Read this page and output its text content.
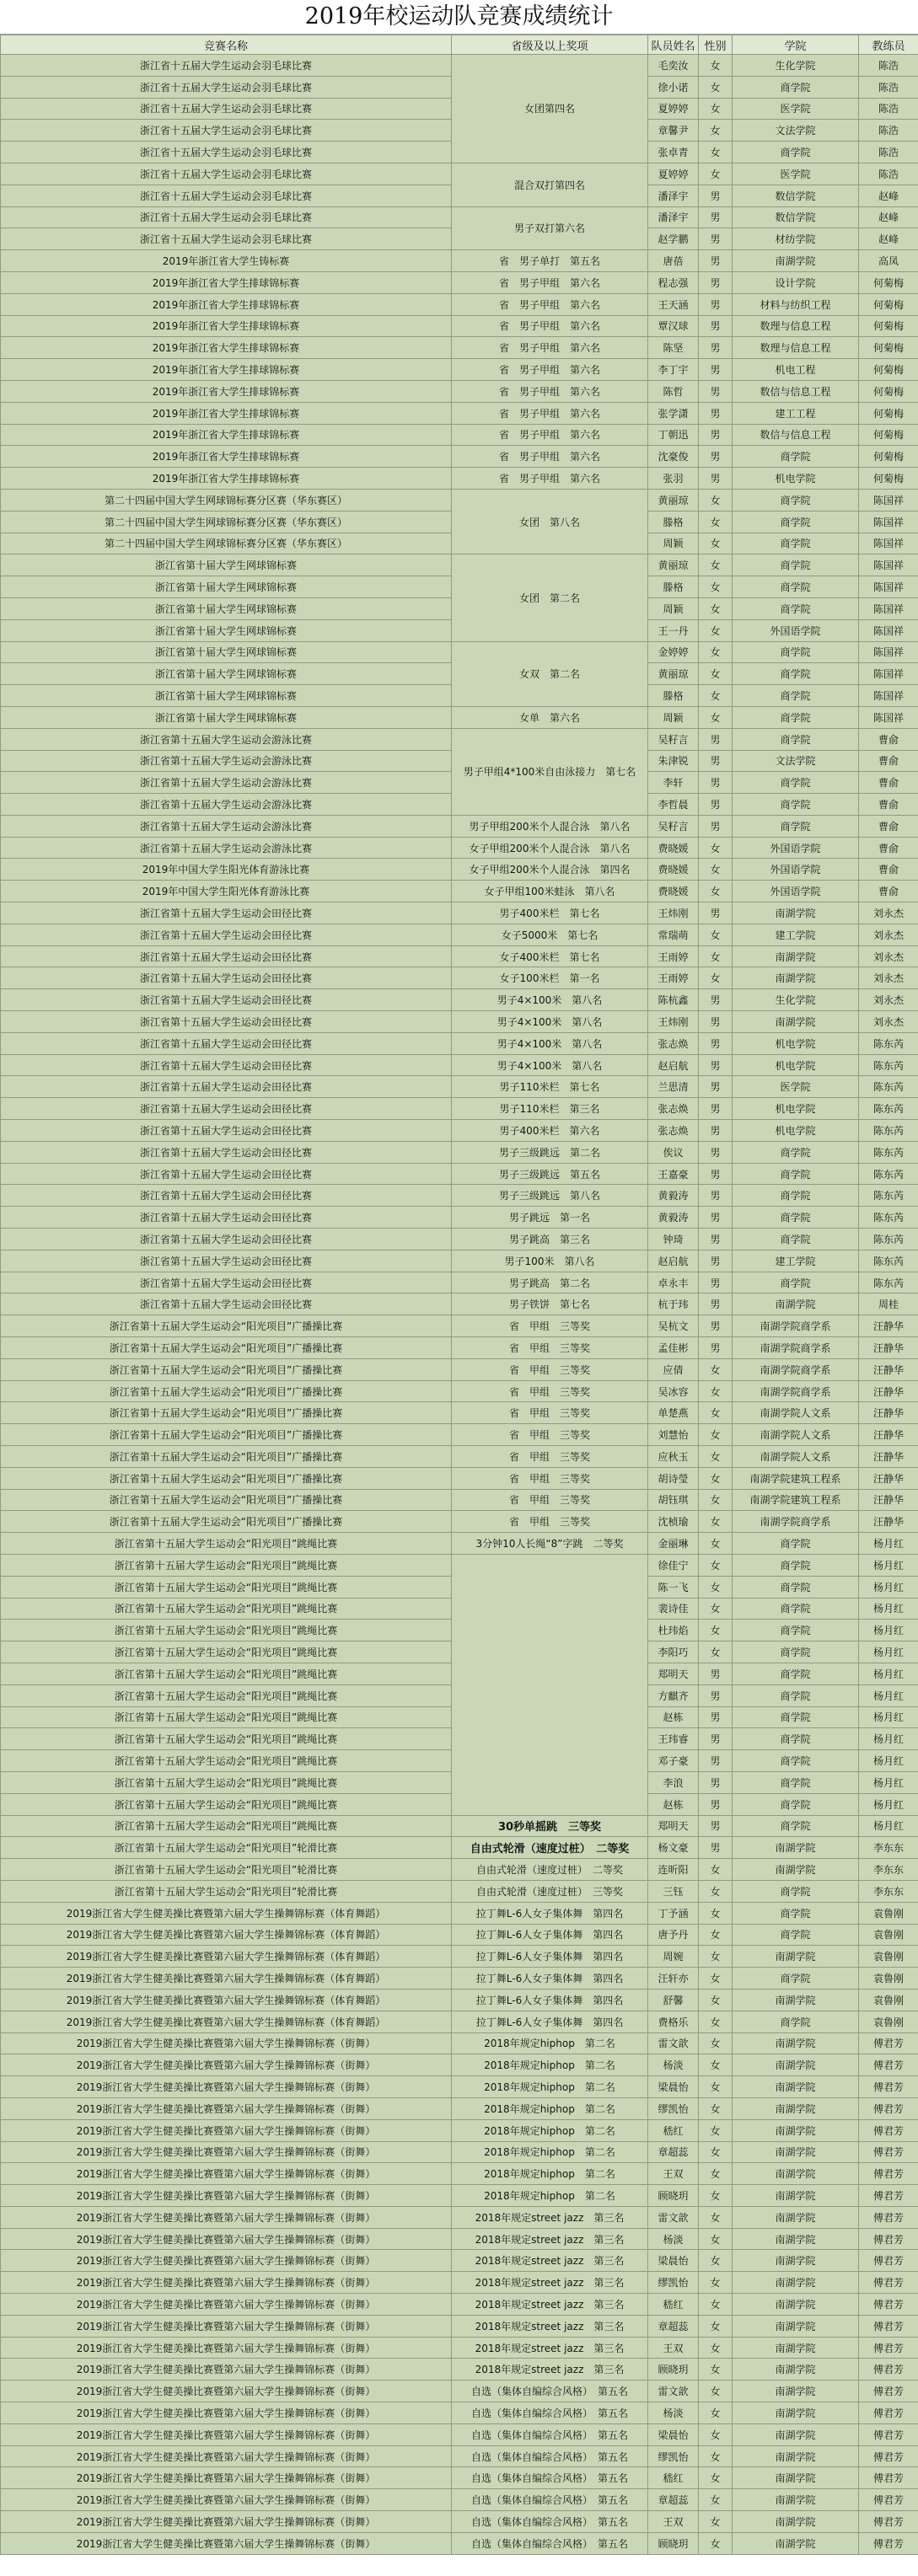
2019年校运动队竞赛成绩统计
竞赛名称	省级及以上奖项	队员姓名	性别	学院	教练员
浙江省十五届大学生运动会羽毛球比赛	女团第四名	毛奕汝	女	生化学院	陈浩
浙江省十五届大学生运动会羽毛球比赛		徐小诺	女	商学院	陈浩
浙江省十五届大学生运动会羽毛球比赛		夏婷婷	女	医学院	陈浩
浙江省十五届大学生运动会羽毛球比赛		章馨尹	女	文法学院	陈浩
浙江省十五届大学生运动会羽毛球比赛		张卓青	女	商学院	陈浩
浙江省十五届大学生运动会羽毛球比赛	混合双打第四名	夏婷婷	女	医学院	陈浩
浙江省十五届大学生运动会羽毛球比赛		潘泽宇	男	数信学院	赵峰
浙江省十五届大学生运动会羽毛球比赛	男子双打第六名	潘泽宇	男	数信学院	赵峰
浙江省十五届大学生运动会羽毛球比赛		赵学鹏	男	材纺学院	赵峰
2019年浙江省大学生铸标赛	省　男子单打　第五名	唐蓓	男	南湖学院	高凤
2019年浙江省大学生排球锦标赛	省　男子甲组　第六名	程志强	男	设计学院	何菊梅
2019年浙江省大学生排球锦标赛	省　男子甲组　第六名	王天涵	男	材料与纺织工程	何菊梅
2019年浙江省大学生排球锦标赛	省　男子甲组　第六名	覃汉球	男	数理与信息工程	何菊梅
2019年浙江省大学生排球锦标赛	省　男子甲组　第六名	陈坚	男	数理与信息工程	何菊梅
2019年浙江省大学生排球锦标赛	省　男子甲组　第六名	李丁宇	男	机电工程	何菊梅
2019年浙江省大学生排球锦标赛	省　男子甲组　第六名	陈哲	男	数信与信息工程	何菊梅
2019年浙江省大学生排球锦标赛	省　男子甲组　第六名	张学潇	男	建工工程	何菊梅
2019年浙江省大学生排球锦标赛	省　男子甲组　第六名	丁朝迅	男	数信与信息工程	何菊梅
2019年浙江省大学生排球锦标赛	省　男子甲组　第六名	沈豪俊	男	商学院	何菊梅
2019年浙江省大学生排球锦标赛	省　男子甲组　第六名	张羽	男	机电学院	何菊梅
第二十四届中国大学生网球锦标赛分区赛（华东赛区）	女团　第八名	黄丽琼	女	商学院	陈国祥
第二十四届中国大学生网球锦标赛分区赛（华东赛区）		滕格	女	商学院	陈国祥
第二十四届中国大学生网球锦标赛分区赛（华东赛区）		周颖	女	商学院	陈国祥
浙江省第十届大学生网球锦标赛	女团　第二名	黄丽琼	女	商学院	陈国祥
浙江省第十届大学生网球锦标赛		滕格	女	商学院	陈国祥
浙江省第十届大学生网球锦标赛		周颖	女	商学院	陈国祥
浙江省第十届大学生网球锦标赛		王一丹	女	外国语学院	陈国祥
浙江省第十届大学生网球锦标赛	女双　第二名	金婷婷	女	商学院	陈国祥
浙江省第十届大学生网球锦标赛		黄丽琼	女	商学院	陈国祥
浙江省第十届大学生网球锦标赛		滕格	女	商学院	陈国祥
浙江省第十届大学生网球锦标赛	女单　第六名	周颖	女	商学院	陈国祥
浙江省第十五届大学生运动会游泳比赛	男子甲组4*100米自由泳接力　第七名	吴籽言	男	商学院	曹俞
浙江省第十五届大学生运动会游泳比赛		朱津锐	男	文法学院	曹俞
浙江省第十五届大学生运动会游泳比赛		李轩	男	商学院	曹俞
浙江省第十五届大学生运动会游泳比赛		李哲晨	男	商学院	曹俞
浙江省第十五届大学生运动会游泳比赛	男子甲组200米个人混合泳　第八名	吴籽言	男	商学院	曹俞
浙江省第十五届大学生运动会游泳比赛	女子甲组200米个人混合泳　第八名	费晓媛	女	外国语学院	曹俞
2019年中国大学生阳光体育游泳比赛	女子甲组200米个人混合泳　第四名	费晓媛	女	外国语学院	曹俞
2019年中国大学生阳光体育游泳比赛	女子甲组100米蛙泳　第八名	费晓媛	女	外国语学院	曹俞
浙江省第十五届大学生运动会田径比赛	男子400米栏　第七名	王炜刚	男	南湖学院	刘永杰
浙江省第十五届大学生运动会田径比赛	女子5000米　第七名	常瑞萌	女	建工学院	刘永杰
浙江省第十五届大学生运动会田径比赛	女子400米栏　第七名	王雨婷	女	南湖学院	刘永杰
浙江省第十五届大学生运动会田径比赛	女子100米栏　第一名	王雨婷	女	南湖学院	刘永杰
浙江省第十五届大学生运动会田径比赛	男子4×100米　第八名	陈杭鑫	男	生化学院	刘永杰
浙江省第十五届大学生运动会田径比赛	男子4×100米　第八名	王炜刚	男	南湖学院	刘永杰
浙江省第十五届大学生运动会田径比赛	男子4×100米　第八名	张志焕	男	机电学院	陈东芮
浙江省第十五届大学生运动会田径比赛	男子4×100米　第八名	赵启航	男	机电学院	陈东芮
浙江省第十五届大学生运动会田径比赛	男子110米栏　第七名	兰思清	男	医学院	陈东芮
浙江省第十五届大学生运动会田径比赛	男子110米栏　第三名	张志焕	男	机电学院	陈东芮
浙江省第十五届大学生运动会田径比赛	男子400米栏　第六名	张志焕	男	机电学院	陈东芮
浙江省第十五届大学生运动会田径比赛	男子三级跳远　第二名	俟议	男	商学院	陈东芮
浙江省第十五届大学生运动会田径比赛	男子三级跳远　第五名	王嘉豪	男	商学院	陈东芮
浙江省第十五届大学生运动会田径比赛	男子三级跳远　第八名	黄毅涛	男	商学院	陈东芮
浙江省第十五届大学生运动会田径比赛	男子跳远　第一名	黄毅涛	男	商学院	陈东芮
浙江省第十五届大学生运动会田径比赛	男子跳高　第三名	钟琦	男	商学院	陈东芮
浙江省第十五届大学生运动会田径比赛	男子100米　第八名	赵启航	男	建工学院	陈东芮
浙江省第十五届大学生运动会田径比赛	男子跳高　第二名	卓永丰	男	商学院	陈东芮
浙江省第十五届大学生运动会田径比赛	男子铁饼　第七名	杭于玮	男	南湖学院	周桂
浙江省第十五届大学生运动会“阳光项目”广播操比赛	省　甲组　三等奖	吴杭文	男	南湖学院商学系	汪静华
浙江省第十五届大学生运动会“阳光项目”广播操比赛	省　甲组　三等奖	孟佳彬	男	南湖学院商学系	汪静华
浙江省第十五届大学生运动会“阳光项目”广播操比赛	省　甲组　三等奖	应倩	女	南湖学院商学系	汪静华
浙江省第十五届大学生运动会“阳光项目”广播操比赛	省　甲组　三等奖	吴冰容	女	南湖学院商学系	汪静华
浙江省第十五届大学生运动会“阳光项目”广播操比赛	省　甲组　三等奖	单楚燕	女	南湖学院人文系	汪静华
浙江省第十五届大学生运动会“阳光项目”广播操比赛	省　甲组　三等奖	刘慧怡	女	南湖学院人文系	汪静华
浙江省第十五届大学生运动会“阳光项目”广播操比赛	省　甲组　三等奖	应秋玉	女	南湖学院人文系	汪静华
浙江省第十五届大学生运动会“阳光项目”广播操比赛	省　甲组　三等奖	胡诗瑩	女	南湖学院建筑工程系	汪静华
浙江省第十五届大学生运动会“阳光项目”广播操比赛	省　甲组　三等奖	胡钰琪	女	南湖学院建筑工程系	汪静华
浙江省第十五届大学生运动会“阳光项目”广播操比赛	省　甲组　三等奖	沈桢瑜	女	南湖学院商学系	汪静华
浙江省第十五届大学生运动会“阳光项目”跳绳比赛	3分钟10人长绳“8”字跳　二等奖	金丽琳	女	商学院	杨月红
浙江省第十五届大学生运动会“阳光项目”跳绳比赛		徐佳宁	女	商学院	杨月红
浙江省第十五届大学生运动会“阳光项目”跳绳比赛		陈一飞	女	商学院	杨月红
浙江省第十五届大学生运动会“阳光项目”跳绳比赛		裴诗佳	女	商学院	杨月红
浙江省第十五届大学生运动会“阳光项目”跳绳比赛		杜玮焰	女	商学院	杨月红
浙江省第十五届大学生运动会“阳光项目”跳绳比赛		李阳巧	女	商学院	杨月红
浙江省第十五届大学生运动会“阳光项目”跳绳比赛		郑明天	男	商学院	杨月红
浙江省第十五届大学生运动会“阳光项目”跳绳比赛		方麒齐	男	商学院	杨月红
浙江省第十五届大学生运动会“阳光项目”跳绳比赛		赵栋	男	商学院	杨月红
浙江省第十五届大学生运动会“阳光项目”跳绳比赛		王玮睿	男	商学院	杨月红
浙江省第十五届大学生运动会“阳光项目”跳绳比赛		邓子豪	男	商学院	杨月红
浙江省第十五届大学生运动会“阳光项目”跳绳比赛		李浪	男	商学院	杨月红
浙江省第十五届大学生运动会“阳光项目”跳绳比赛		赵栋	男	商学院	杨月红
浙江省第十五届大学生运动会“阳光项目”跳绳比赛	30秒单摇跳　三等奖	郑明天	男	商学院	杨月红
浙江省第十五届大学生运动会“阳光项目”轮滑比赛	自由式轮滑（速度过桩）　二等奖	杨文豪	男	南湖学院	李东东
浙江省第十五届大学生运动会“阳光项目”轮滑比赛	自由式轮滑（速度过桩）　二等奖	连昕阳	女	南湖学院	李东东
浙江省第十五届大学生运动会“阳光项目”轮滑比赛	自由式轮滑（速度过桩）　三等奖	三钰	女	商学院	李东东
2019浙江省大学生健美操比赛暨第六届大学生操舞锦标赛（体育舞蹈）	拉丁舞L-6人女子集体舞　第四名	丁予涵	女	商学院	袁鲁刚
2019浙江省大学生健美操比赛暨第六届大学生操舞锦标赛（体育舞蹈）	拉丁舞L-6人女子集体舞　第四名	唐予丹	女	商学院	袁鲁刚
2019浙江省大学生健美操比赛暨第六届大学生操舞锦标赛（体育舞蹈）	拉丁舞L-6人女子集体舞　第四名	周婉	女	南湖学院	袁鲁刚
2019浙江省大学生健美操比赛暨第六届大学生操舞锦标赛（体育舞蹈）	拉丁舞L-6人女子集体舞　第四名	汪轩亦	女	商学院	袁鲁刚
2019浙江省大学生健美操比赛暨第六届大学生操舞锦标赛（体育舞蹈）	拉丁舞L-6人女子集体舞　第四名	舒馨	女	南湖学院	袁鲁刚
2019浙江省大学生健美操比赛暨第六届大学生操舞锦标赛（体育舞蹈）	拉丁舞L-6人女子集体舞　第四名	费格乐	女	商学院	袁鲁刚
2019浙江省大学生健美操比赛暨第六届大学生操舞锦标赛（街舞）	2018年规定hiphop　第二名	雷文歆	女	南湖学院	傅君芳
2019浙江省大学生健美操比赛暨第六届大学生操舞锦标赛（街舞）	2018年规定hiphop　第二名	杨淡	女	南湖学院	傅君芳
2019浙江省大学生健美操比赛暨第六届大学生操舞锦标赛（街舞）	2018年规定hiphop　第二名	梁晨怡	女	南湖学院	傅君芳
2019浙江省大学生健美操比赛暨第六届大学生操舞锦标赛（街舞）	2018年规定hiphop　第二名	缪凯怡	女	南湖学院	傅君芳
2019浙江省大学生健美操比赛暨第六届大学生操舞锦标赛（街舞）	2018年规定hiphop　第二名	嵇红	女	南湖学院	傅君芳
2019浙江省大学生健美操比赛暨第六届大学生操舞锦标赛（街舞）	2018年规定hiphop　第二名	章超蕊	女	南湖学院	傅君芳
2019浙江省大学生健美操比赛暨第六届大学生操舞锦标赛（街舞）	2018年规定hiphop　第二名	王双	女	南湖学院	傅君芳
2019浙江省大学生健美操比赛暨第六届大学生操舞锦标赛（街舞）	2018年规定hiphop　第二名	顾晓玥	女	南湖学院	傅君芳
2019浙江省大学生健美操比赛暨第六届大学生操舞锦标赛（街舞）	2018年规定street jazz　第三名	雷文歆	女	南湖学院	傅君芳
2019浙江省大学生健美操比赛暨第六届大学生操舞锦标赛（街舞）	2018年规定street jazz　第三名	杨淡	女	南湖学院	傅君芳
2019浙江省大学生健美操比赛暨第六届大学生操舞锦标赛（街舞）	2018年规定street jazz　第三名	梁晨怡	女	南湖学院	傅君芳
2019浙江省大学生健美操比赛暨第六届大学生操舞锦标赛（街舞）	2018年规定street jazz　第三名	缪凯怡	女	南湖学院	傅君芳
2019浙江省大学生健美操比赛暨第六届大学生操舞锦标赛（街舞）	2018年规定street jazz　第三名	嵇红	女	南湖学院	傅君芳
2019浙江省大学生健美操比赛暨第六届大学生操舞锦标赛（街舞）	2018年规定street jazz　第三名	章超蕊	女	南湖学院	傅君芳
2019浙江省大学生健美操比赛暨第六届大学生操舞锦标赛（街舞）	2018年规定street jazz　第三名	王双	女	南湖学院	傅君芳
2019浙江省大学生健美操比赛暨第六届大学生操舞锦标赛（街舞）	2018年规定street jazz　第三名	顾晓玥	女	南湖学院	傅君芳
2019浙江省大学生健美操比赛暨第六届大学生操舞锦标赛（街舞）	自选（集体自编综合风格）　第五名	雷文歆	女	南湖学院	傅君芳
2019浙江省大学生健美操比赛暨第六届大学生操舞锦标赛（街舞）	自选（集体自编综合风格）　第五名	杨淡	女	南湖学院	傅君芳
2019浙江省大学生健美操比赛暨第六届大学生操舞锦标赛（街舞）	自选（集体自编综合风格）　第五名	梁晨怡	女	南湖学院	傅君芳
2019浙江省大学生健美操比赛暨第六届大学生操舞锦标赛（街舞）	自选（集体自编综合风格）　第五名	缪凯怡	女	南湖学院	傅君芳
2019浙江省大学生健美操比赛暨第六届大学生操舞锦标赛（街舞）	自选（集体自编综合风格）　第五名	嵇红	女	南湖学院	傅君芳
2019浙江省大学生健美操比赛暨第六届大学生操舞锦标赛（街舞）	自选（集体自编综合风格）　第五名	章超蕊	女	南湖学院	傅君芳
2019浙江省大学生健美操比赛暨第六届大学生操舞锦标赛（街舞）	自选（集体自编综合风格）　第五名	王双	女	南湖学院	傅君芳
2019浙江省大学生健美操比赛暨第六届大学生操舞锦标赛（街舞）	自选（集体自编综合风格）　第五名	顾晓玥	女	南湖学院	傅君芳
